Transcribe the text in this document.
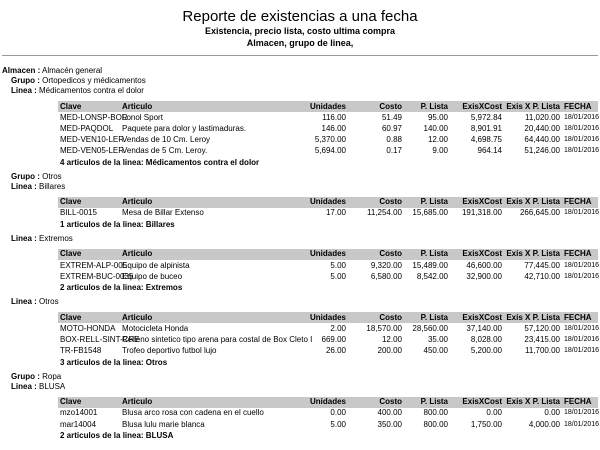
Reporte de existencias a una fecha
Existencia, precio lista, costo ultima compra
Almacen, grupo de linea,
Almacen : Almacén general
Grupo : Ortopedicos y médicamentos
Linea : Médicamentos contra el dolor
Clave	Articulo	Unidades	Costo	P. Lista	ExisXCost	Exis X P. Lista	FECHA
MED-LONSP-BOR	Lonol Sport	116.00	51.49	95.00	5,972.84	11,020.00	18/01/2016
MED-PAQDOL	Paquete para dolor y lastimaduras.	146.00	60.97	140.00	8,901.91	20,440.00	18/01/2016
MED-VEN10-LER	Vendas de 10 Cm. Leroy	5,370.00	0.88	12.00	4,698.75	64,440.00	18/01/2016
MED-VEN05-LER	Vendas de 5 Cm. Leroy.	5,694.00	0.17	9.00	964.14	51,246.00	18/01/2016
4 articulos de la linea: Médicamentos contra el dolor
Grupo : Otros
Linea : Billares
Clave	Articulo	Unidades	Costo	P. Lista	ExisXCost	Exis X P. Lista	FECHA
BILL-0015	Mesa de Billar Extenso	17.00	11,254.00	15,685.00	191,318.00	266,645.00	18/01/2016
1 articulos de la linea: Billares
Linea : Extremos
Clave	Articulo	Unidades	Costo	P. Lista	ExisXCost	Exis X P. Lista	FECHA
EXTREM-ALP-005	Equipo de alpinista	5.00	9,320.00	15,489.00	46,600.00	77,445.00	18/01/2016
EXTREM-BUC-0035	Equipo de buceo	5.00	6,580.00	8,542.00	32,900.00	42,710.00	18/01/2016
2 articulos de la linea: Extremos
Linea : Otros
Clave	Articulo	Unidades	Costo	P. Lista	ExisXCost	Exis X P. Lista	FECHA
MOTO-HONDA	Motocicleta Honda	2.00	18,570.00	28,560.00	37,140.00	57,120.00	18/01/2016
BOX-RELL-SINT-CRE	Relleno sintetico tipo arena para costal de Box Cleto I	669.00	12.00	35.00	8,028.00	23,415.00	18/01/2016
TR-FB1548	Trofeo deportivo futbol lujo	26.00	200.00	450.00	5,200.00	11,700.00	18/01/2016
3 articulos de la linea: Otros
Grupo : Ropa
Linea : BLUSA
Clave	Articulo	Unidades	Costo	P. Lista	ExisXCost	Exis X P. Lista	FECHA
mzo14001	Blusa arco rosa con cadena en el cuello	0.00	400.00	800.00	0.00	0.00	18/01/2016
mar14004	Blusa lulu marie blanca	5.00	350.00	800.00	1,750.00	4,000.00	18/01/2016
2 articulos de la linea: BLUSA
